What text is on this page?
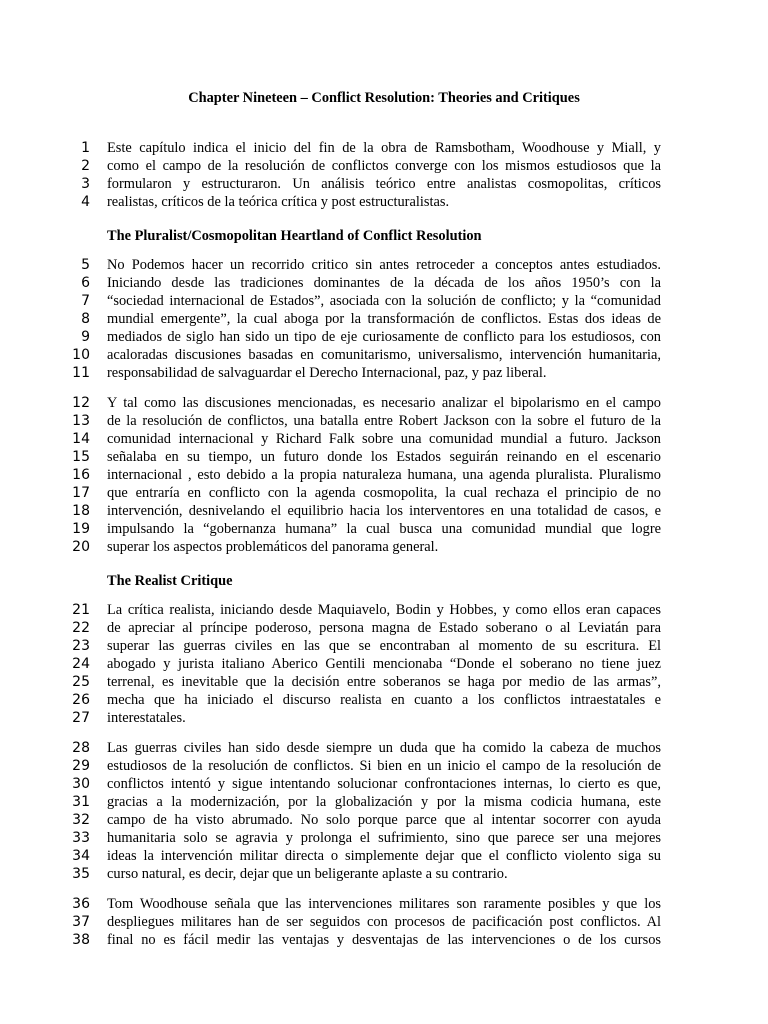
Chapter Nineteen – Conflict Resolution: Theories and Critiques
1 Este capítulo indica el inicio del fin de la obra de Ramsbotham, Woodhouse y Miall, y
2 como el campo de la resolución de conflictos converge con los mismos estudiosos que la
3 formularon y estructuraron. Un análisis teórico entre analistas cosmopolitas, críticos
4 realistas, críticos de la teórica crítica y post estructuralistas.
The Pluralist/Cosmopolitan Heartland of Conflict Resolution
5 No Podemos hacer un recorrido critico sin antes retroceder a conceptos antes estudiados.
6 Iniciando desde las tradiciones dominantes de la década de los años 1950’s con la
7 “sociedad internacional de Estados”, asociada con la solución de conflicto; y la “comunidad
8 mundial emergente”, la cual aboga por la transformación de conflictos. Estas dos ideas de
9 mediados de siglo han sido un tipo de eje curiosamente de conflicto para los estudiosos, con
10 acaloradas discusiones basadas en comunitarismo, universalismo, intervención humanitaria,
11 responsabilidad de salvaguardar el Derecho Internacional, paz, y paz liberal.
12 Y tal como las discusiones mencionadas, es necesario analizar el bipolarismo en el campo
13 de la resolución de conflictos, una batalla entre Robert Jackson con la sobre el futuro de la
14 comunidad internacional y Richard Falk sobre una comunidad mundial a futuro. Jackson
15 señalaba en su tiempo, un futuro donde los Estados seguirán reinando en el escenario
16 internacional , esto debido a la propia naturaleza humana, una agenda pluralista. Pluralismo
17 que entraría en conflicto con la agenda cosmopolita, la cual rechaza el principio de no
18 intervención, desnivelando el equilibrio hacia los interventores en una totalidad de casos, e
19 impulsando la “gobernanza humana” la cual busca una comunidad mundial que logre
20 superar los aspectos problemáticos del panorama general.
The Realist Critique
21 La crítica realista, iniciando desde Maquiavelo, Bodin y Hobbes, y como ellos eran capaces
22 de apreciar al príncipe poderoso, persona magna de Estado soberano o al Leviatán para
23 superar las guerras civiles en las que se encontraban al momento de su escritura. El
24 abogado y jurista italiano Aberico Gentili mencionaba “Donde el soberano no tiene juez
25 terrenal, es inevitable que la decisión entre soberanos se haga por medio de las armas”,
26 mecha que ha iniciado el discurso realista en cuanto a los conflictos intraestatales e
27 interestatales.
28 Las guerras civiles han sido desde siempre un duda que ha comido la cabeza de muchos
29 estudiosos de la resolución de conflictos. Si bien en un inicio el campo de la resolución de
30 conflictos intentó y sigue intentando solucionar confrontaciones internas, lo cierto es que,
31 gracias a la modernización, por la globalización y por la misma codicia humana, este
32 campo de ha visto abrumado. No solo porque parce que al intentar socorrer con ayuda
33 humanitaria solo se agravia y prolonga el sufrimiento, sino que parece ser una mejores
34 ideas la intervención militar directa o simplemente dejar que el conflicto violento siga su
35 curso natural, es decir, dejar que un beligerante aplaste a su contrario.
36 Tom Woodhouse señala que las intervenciones militares son raramente posibles y que los
37 despliegues militares han de ser seguidos con procesos de pacificación post conflictos. Al
38 final no es fácil medir las ventajas y desventajas de las intervenciones o de los cursos
